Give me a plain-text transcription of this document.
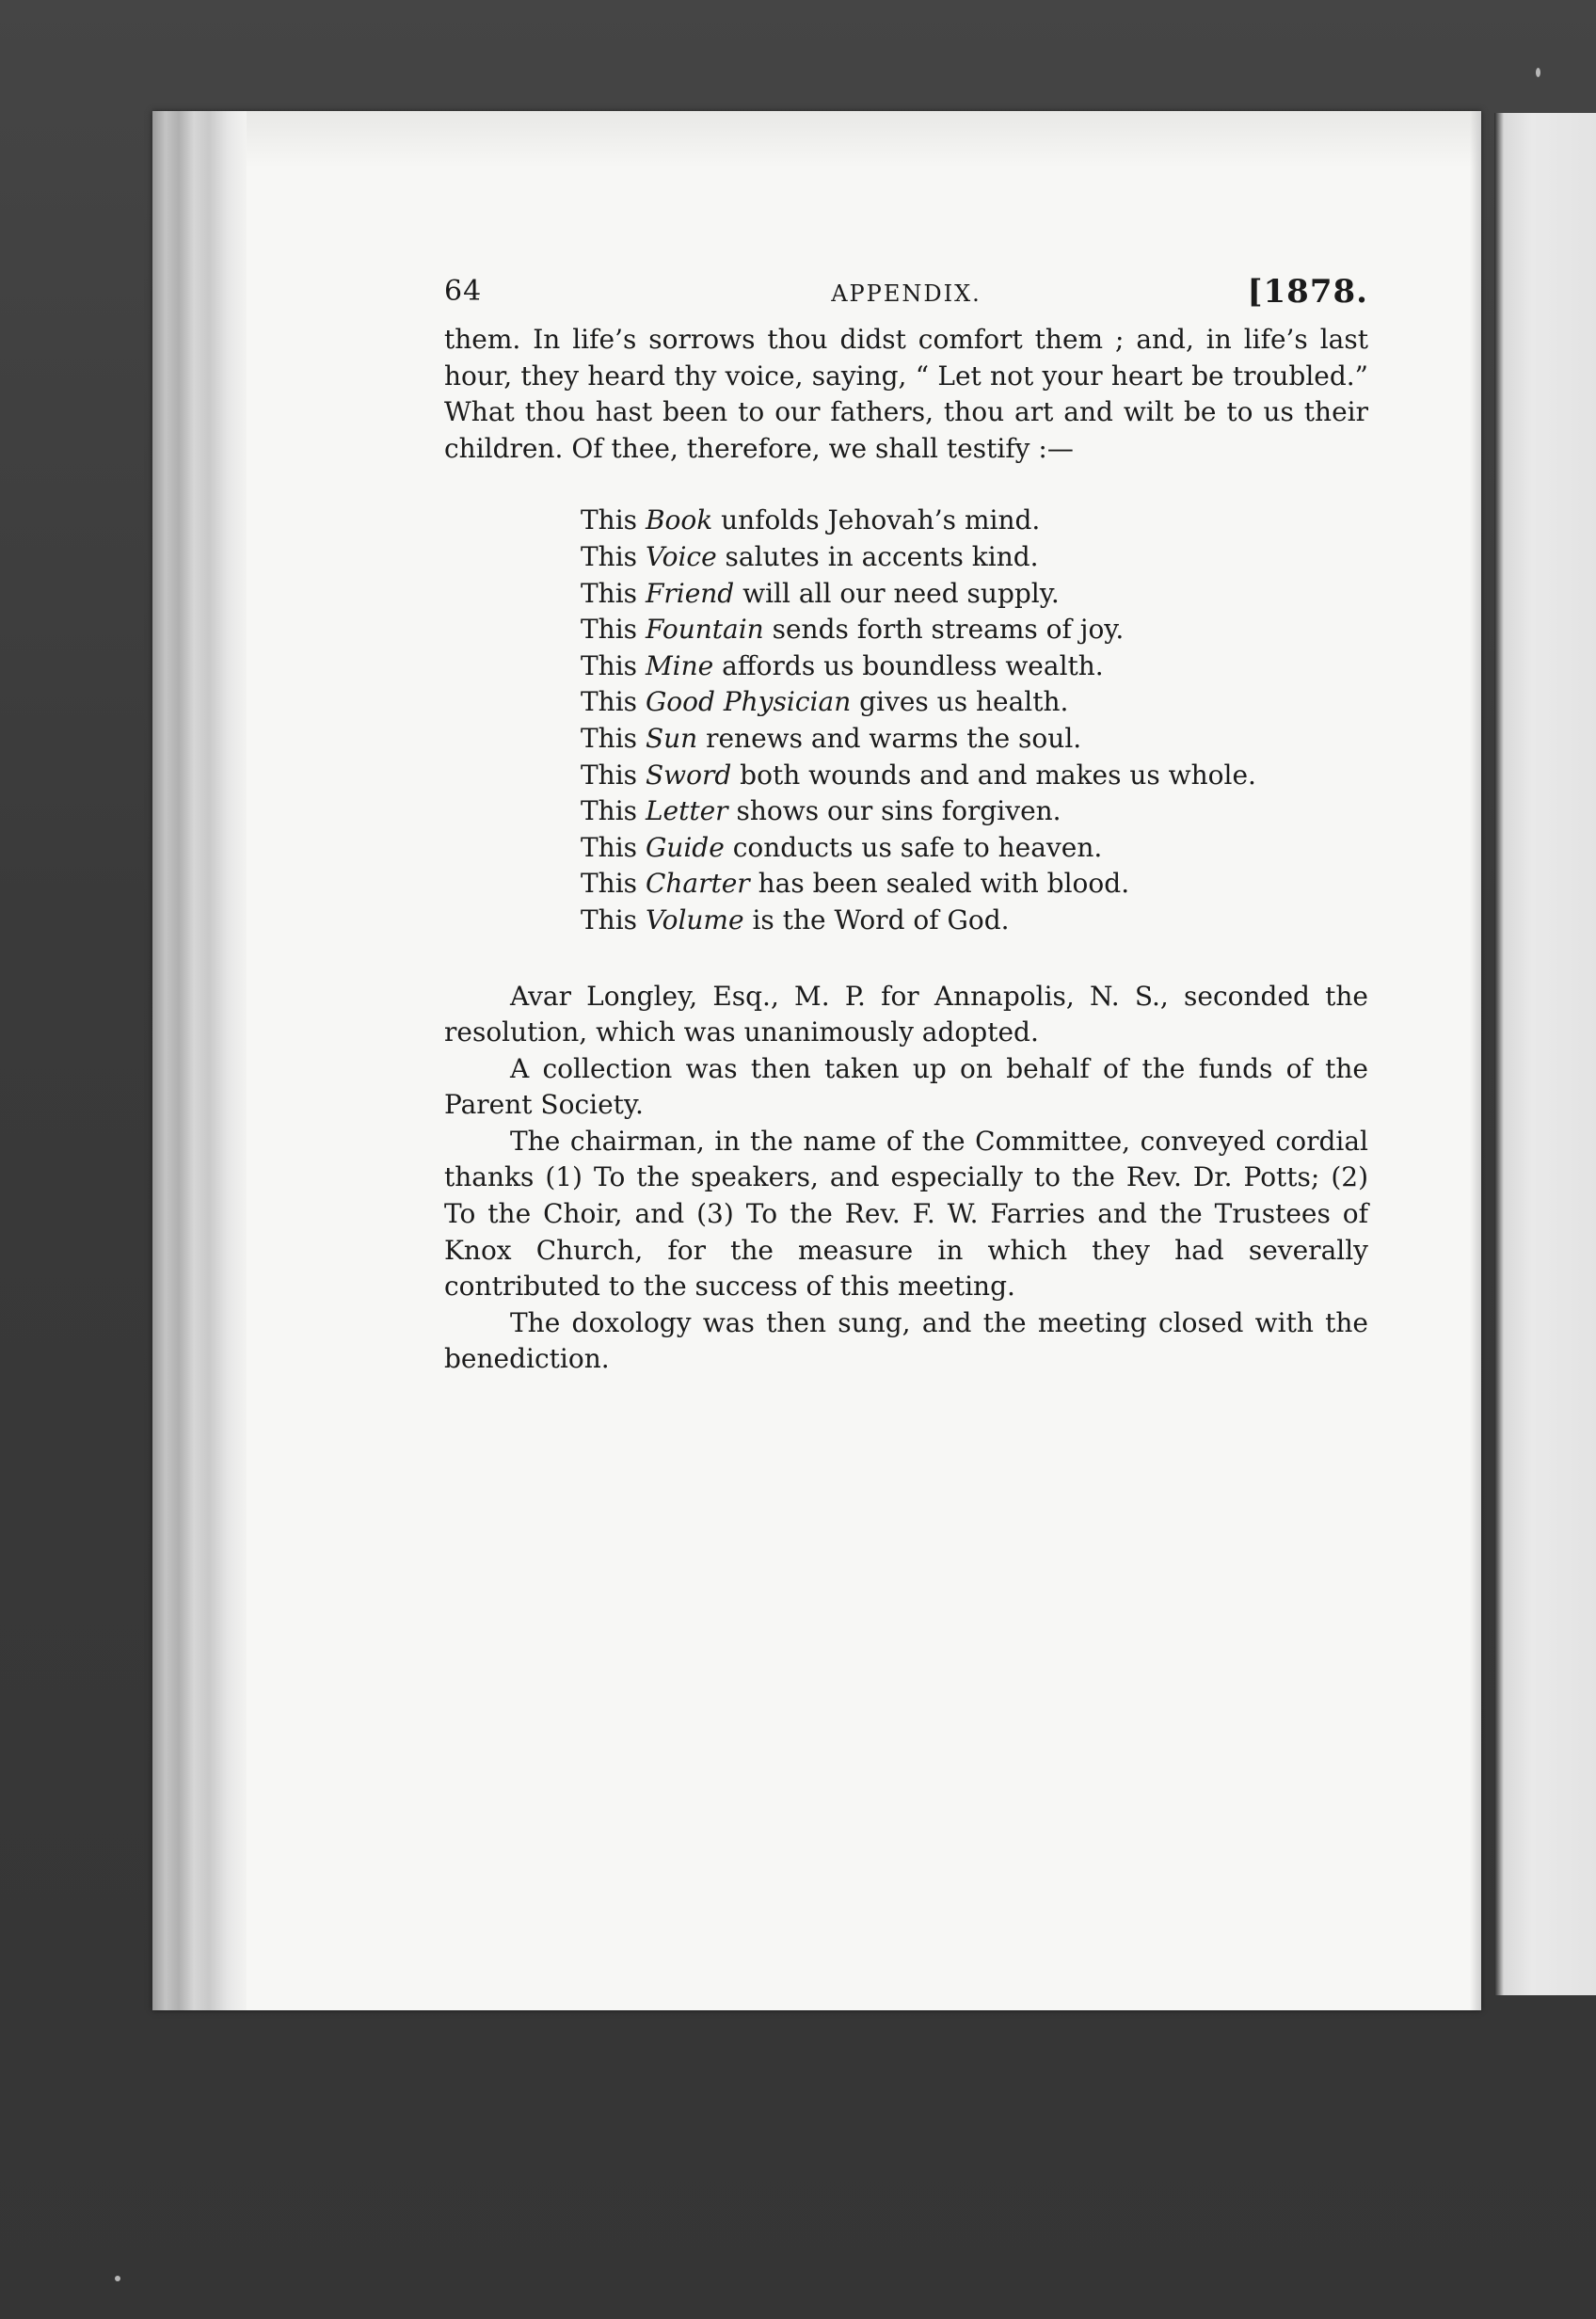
64	APPENDIX.	[1878.

them. In life’s sorrows thou didst comfort them ; and, in life’s last hour, they heard thy voice, saying, “ Let not your heart be troubled.” What thou hast been to our fathers, thou art and wilt be to us their children. Of thee, therefore, we shall testify :—

This Book unfolds Jehovah’s mind.
This Voice salutes in accents kind.
This Friend will all our need supply.
This Fountain sends forth streams of joy.
This Mine affords us boundless wealth.
This Good Physician gives us health.
This Sun renews and warms the soul.
This Sword both wounds and and makes us whole.
This Letter shows our sins forgiven.
This Guide conducts us safe to heaven.
This Charter has been sealed with blood.
This Volume is the Word of God.

Avar Longley, Esq., M. P. for Annapolis, N. S., seconded the resolution, which was unanimously adopted.

A collection was then taken up on behalf of the funds of the Parent Society.

The chairman, in the name of the Committee, conveyed cordial thanks (1) To the speakers, and especially to the Rev. Dr. Potts; (2) To the Choir, and (3) To the Rev. F. W. Farries and the Trustees of Knox Church, for the measure in which they had severally contributed to the success of this meeting.

The doxology was then sung, and the meeting closed with the benediction.
